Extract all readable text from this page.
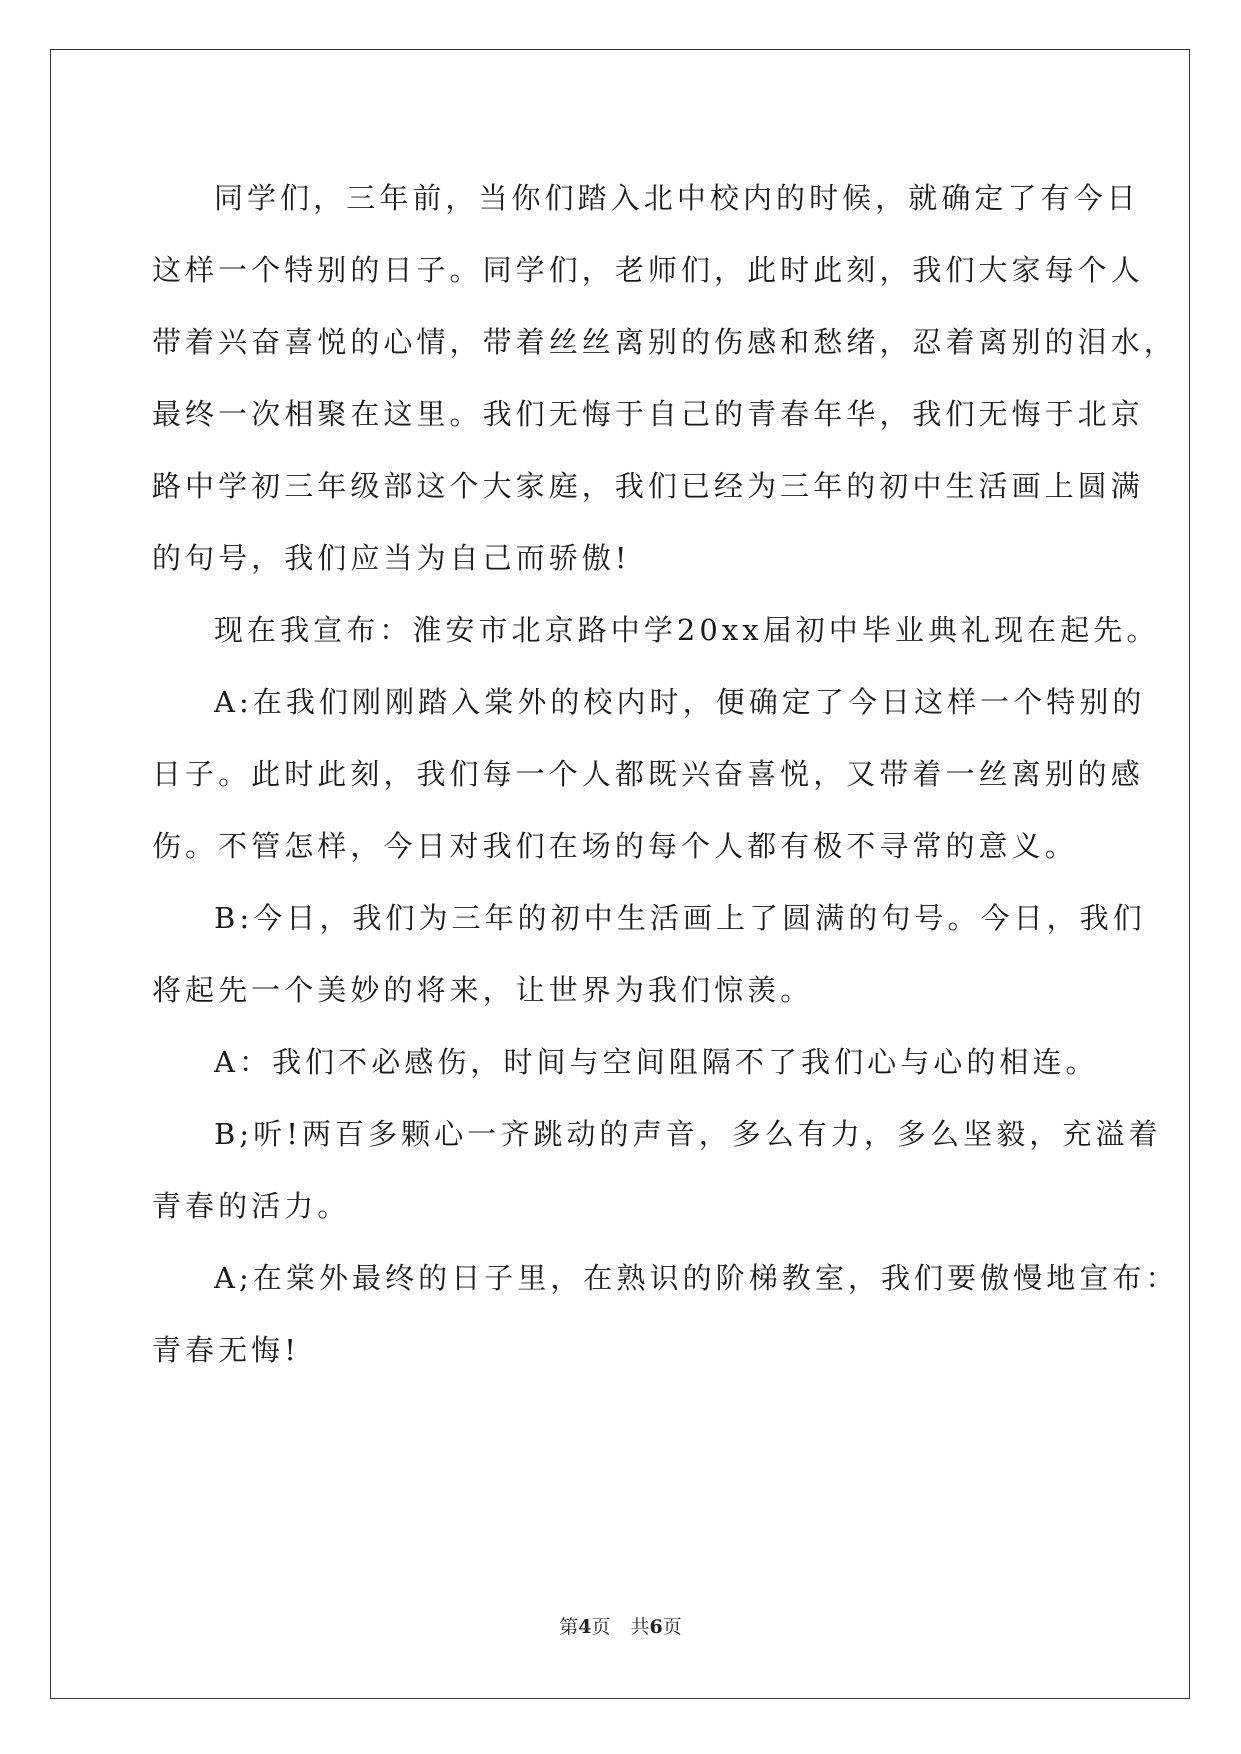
同学们，三年前，当你们踏入北中校内的时候，就确定了有今日

这样一个特别的日子。同学们，老师们，此时此刻，我们大家每个人

带着兴奋喜悦的心情，带着丝丝离别的伤感和愁绪，忍着离别的泪水，

最终一次相聚在这里。我们无悔于自己的青春年华，我们无悔于北京

路中学初三年级部这个大家庭，我们已经为三年的初中生活画上圆满

的句号，我们应当为自己而骄傲!

现在我宣布：淮安市北京路中学20xx届初中毕业典礼现在起先。

A:在我们刚刚踏入棠外的校内时，便确定了今日这样一个特别的

日子。此时此刻，我们每一个人都既兴奋喜悦，又带着一丝离别的感

伤。不管怎样，今日对我们在场的每个人都有极不寻常的意义。

B:今日，我们为三年的初中生活画上了圆满的句号。今日，我们

将起先一个美妙的将来，让世界为我们惊羡。

A：我们不必感伤，时间与空间阻隔不了我们心与心的相连。

B;听!两百多颗心一齐跳动的声音，多么有力，多么坚毅，充溢着

青春的活力。

A;在棠外最终的日子里，在熟识的阶梯教室，我们要傲慢地宣布：

青春无悔!

第4页 共6页
